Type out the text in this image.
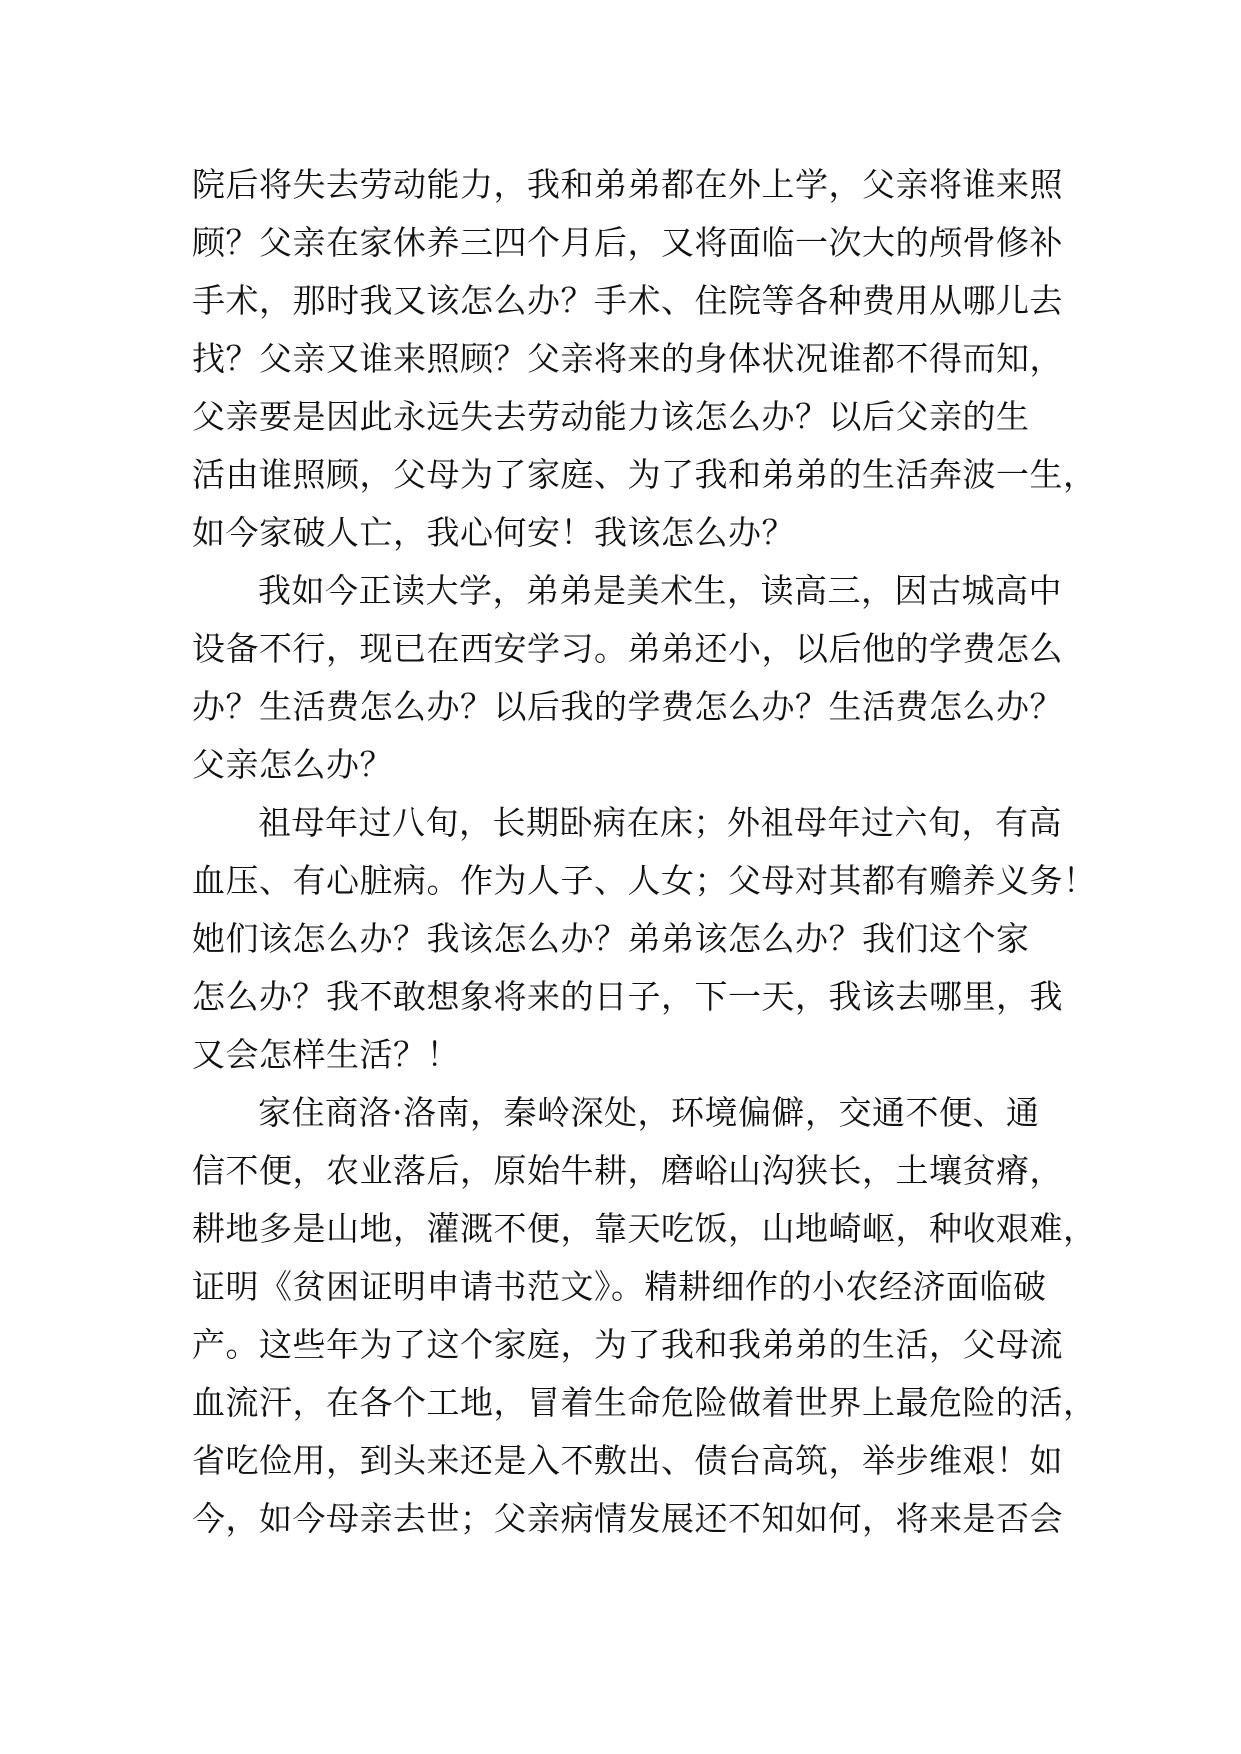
院后将失去劳动能力，我和弟弟都在外上学，父亲将谁来照
顾？父亲在家休养三四个月后，又将面临一次大的颅骨修补
手术，那时我又该怎么办？手术、住院等各种费用从哪儿去
找？父亲又谁来照顾？父亲将来的身体状况谁都不得而知，
父亲要是因此永远失去劳动能力该怎么办？以后父亲的生
活由谁照顾，父母为了家庭、为了我和弟弟的生活奔波一生，
如今家破人亡，我心何安！我该怎么办？
我如今正读大学，弟弟是美术生，读高三，因古城高中
设备不行，现已在西安学习。弟弟还小，以后他的学费怎么
办？生活费怎么办？以后我的学费怎么办？生活费怎么办？
父亲怎么办？
祖母年过八旬，长期卧病在床；外祖母年过六旬，有高
血压、有心脏病。作为人子、人女；父母对其都有赡养义务！
她们该怎么办？我该怎么办？弟弟该怎么办？我们这个家
怎么办？我不敢想象将来的日子，下一天，我该去哪里，我
又会怎样生活？！
家住商洛·洛南，秦岭深处，环境偏僻，交通不便、通
信不便，农业落后，原始牛耕，磨峪山沟狭长，土壤贫瘠，
耕地多是山地，灌溉不便，靠天吃饭，山地崎岖，种收艰难，
证明《贫困证明申请书范文》。精耕细作的小农经济面临破
产。这些年为了这个家庭，为了我和我弟弟的生活，父母流
血流汗，在各个工地，冒着生命危险做着世界上最危险的活，
省吃俭用，到头来还是入不敷出、债台高筑，举步维艰！如
今，如今母亲去世；父亲病情发展还不知如何，将来是否会
